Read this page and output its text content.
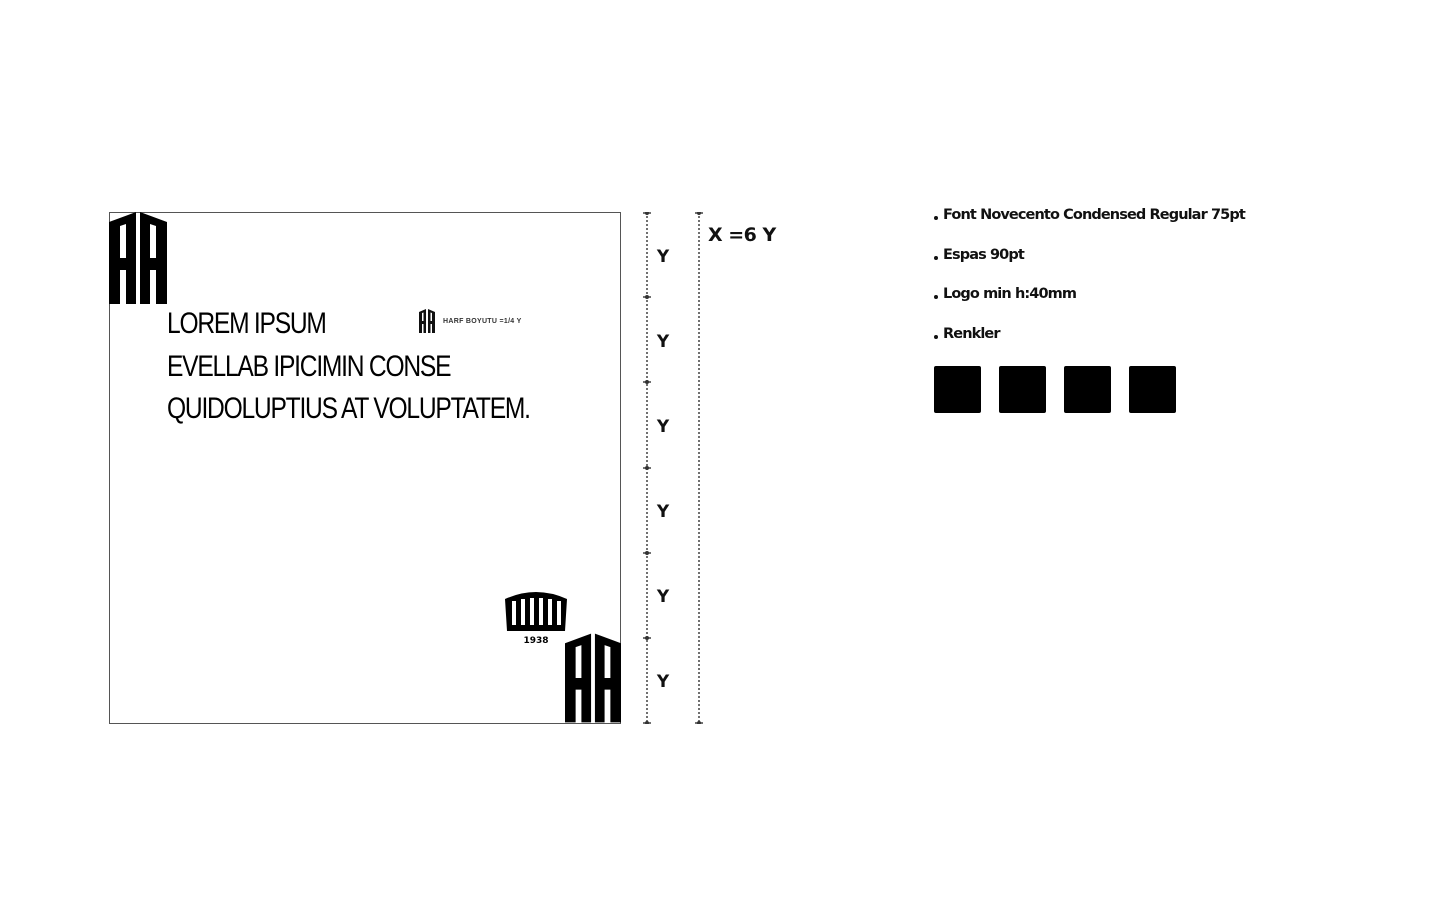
LOREM IPSUM
EVELLAB IPICIMIN CONSE
QUIDOLUPTIUS AT VOLUPTATEM.

HARF BOYUTU =1/4 Y
1938
Y
Y
Y
Y
Y
Y
X =6 Y
Font Novecento Condensed Regular 75pt
Espas 90pt
Logo min h:40mm
Renkler
